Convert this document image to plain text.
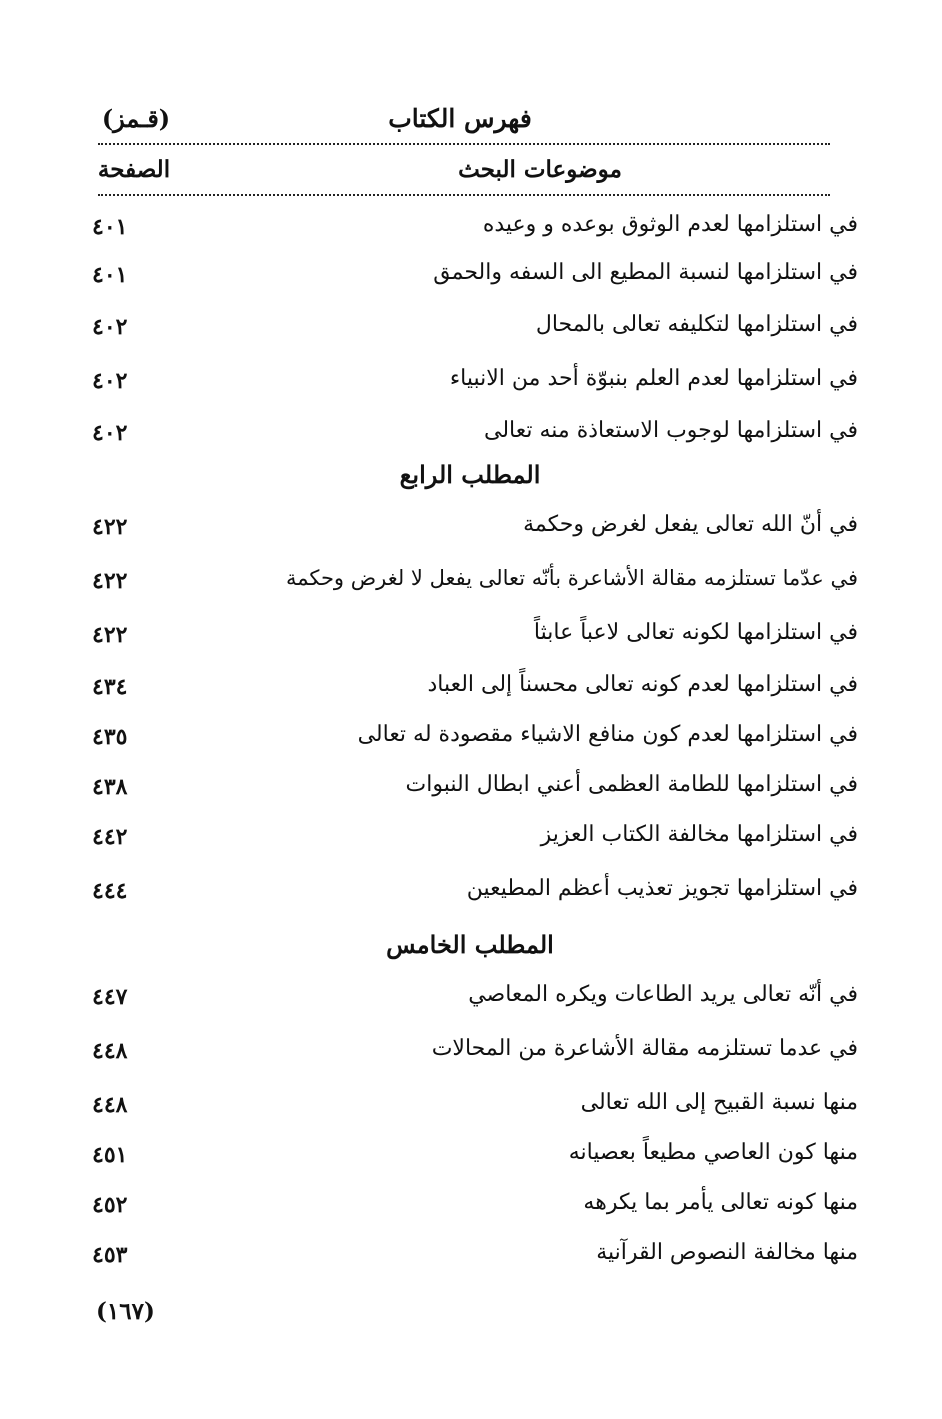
فهرس الكتاب
(قـمز)
موضوعات البحث
الصفحة
في استلزامها لعدم الوثوق بوعده و وعيده
٤٠١
في استلزامها لنسبة المطيع الى السفه والحمق
٤٠١
في استلزامها لتكليفه تعالى بالمحال
٤٠٢
في استلزامها لعدم العلم بنبوّة أحد من الانبياء
٤٠٢
في استلزامها لوجوب الاستعاذة منه تعالى
٤٠٢
المطلب الرابع
في أنّ الله تعالى يفعل لغرض وحكمة
٤٢٢
في عدّما تستلزمه مقالة الأشاعرة بأنّه تعالى يفعل لا لغرض وحكمة
٤٢٢
في استلزامها لكونه تعالى لاعباً عابثاً
٤٢٢
في استلزامها لعدم كونه تعالى محسناً إلى العباد
٤٣٤
في استلزامها لعدم كون منافع الاشياء مقصودة له تعالى
٤٣٥
في استلزامها للطامة العظمى أعني ابطال النبوات
٤٣٨
في استلزامها مخالفة الكتاب العزيز
٤٤٢
في استلزامها تجويز تعذيب أعظم المطيعين
٤٤٤
المطلب الخامس
في أنّه تعالى يريد الطاعات ويكره المعاصي
٤٤٧
في عدما تستلزمه مقالة الأشاعرة من المحالات
٤٤٨
منها نسبة القبيح إلى الله تعالى
٤٤٨
منها كون العاصي مطيعاً بعصيانه
٤٥١
منها كونه تعالى يأمر بما يكرهه
٤٥٢
منها مخالفة النصوص القرآنية
٤٥٣
(١٦٧)
